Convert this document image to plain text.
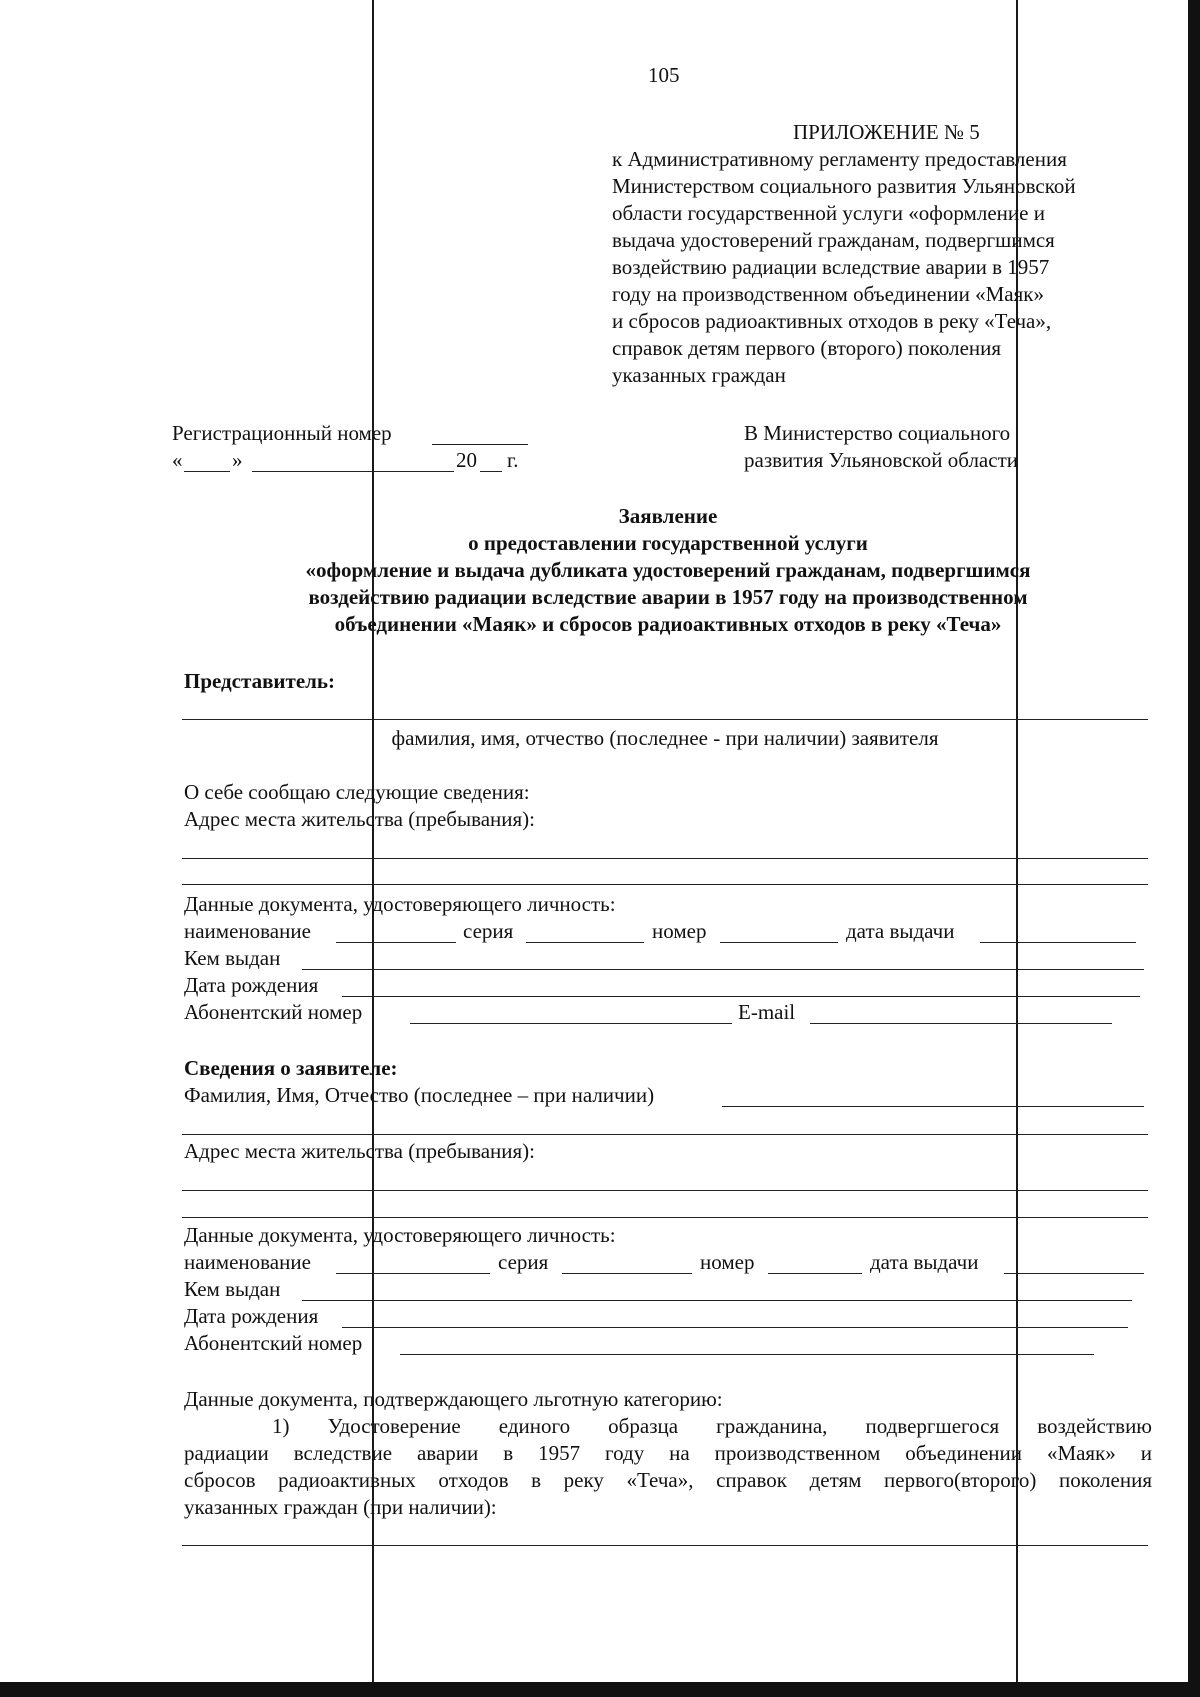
105
ПРИЛОЖЕНИЕ № 5
к Административному регламенту предоставления
Министерством социального развития Ульяновской
области государственной услуги «оформление и
выдача удостоверений гражданам, подвергшимся
воздействию радиации вследствие аварии в 1957
году на производственном объединении «Маяк»
и сбросов радиоактивных отходов в реку «Теча»,
справок детям первого (второго) поколения
указанных граждан
Регистрационный номер
« »	20 г.
В Министерство социального
развития Ульяновской области
Заявление
о предоставлении государственной услуги
«оформление и выдача дубликата удостоверений гражданам, подвергшимся
воздействию радиации вследствие аварии в 1957 году на производственном
объединении «Маяк» и сбросов радиоактивных отходов в реку «Теча»
Представитель:
фамилия, имя, отчество (последнее - при наличии) заявителя
О себе сообщаю следующие сведения:
Адрес места жительства (пребывания):
Данные документа, удостоверяющего личность:
наименование	серия	номер	дата выдачи
Кем выдан
Дата рождения
Абонентский номер	E-mail
Сведения о заявителе:
Фамилия, Имя, Отчество (последнее – при наличии)
Адрес места жительства (пребывания):
Данные документа, удостоверяющего личность:
наименование	серия	номер	дата выдачи
Кем выдан
Дата рождения
Абонентский номер
Данные документа, подтверждающего льготную категорию:
1) Удостоверение единого образца гражданина, подвергшегося воздействию
радиации вследствие аварии в 1957 году на производственном объединении «Маяк» и
сбросов радиоактивных отходов в реку «Теча», справок детям первого(второго) поколения
указанных граждан (при наличии):
